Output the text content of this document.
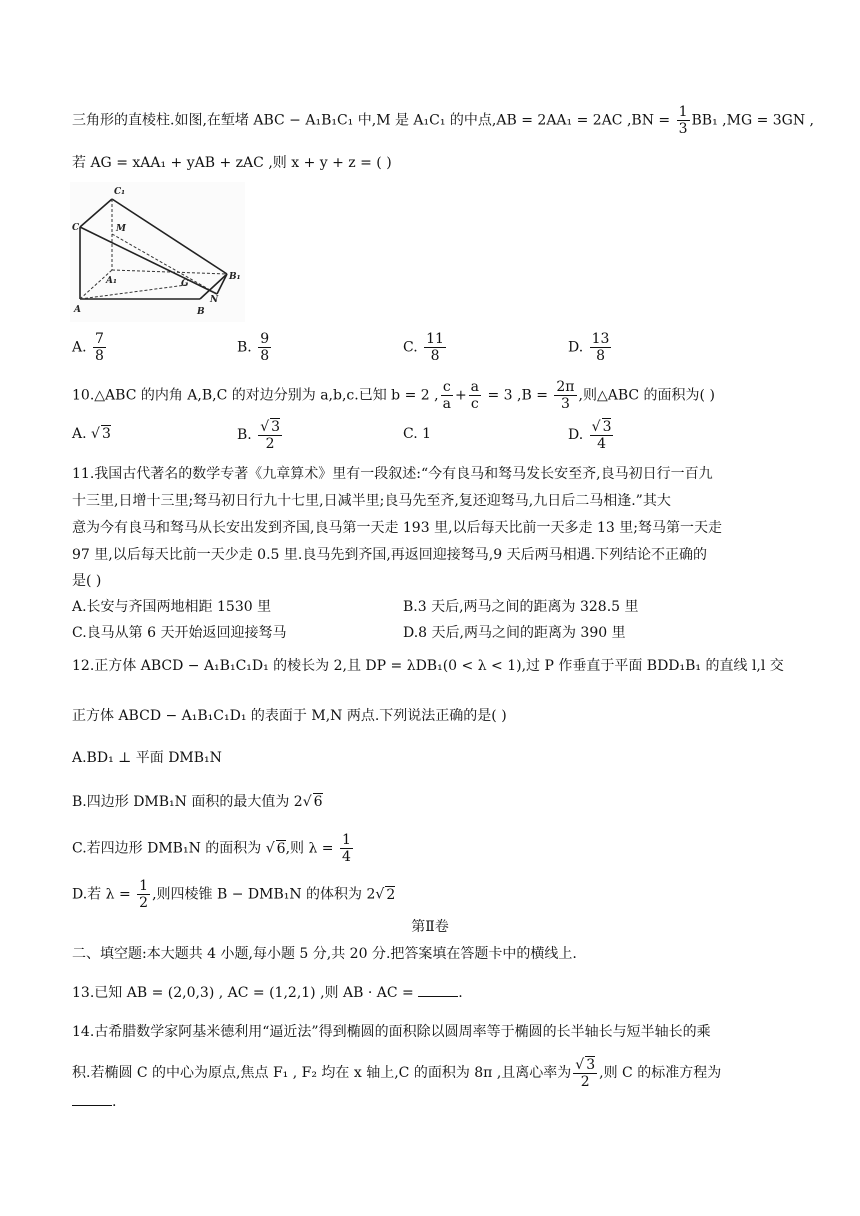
三角形的直棱柱.如图,在堑堵 ABC − A₁B₁C₁ 中,M 是 A₁C₁ 的中点,AB = 2AA₁ = 2AC $,BN = \frac{1}{3} BB_1$ ,MG = 3GN ,
若 AG = xAA₁ + yAB + zAC ,则 x + y + z = ( )
C₁
M
C
A₁	G
B₁
N
A	B
A. $\frac{7}{8}$	B. $\frac{9}{8}$	C. $\frac{11}{8}$	D. $\frac{13}{8}$
10.△ABC 的内角 A,B,C 的对边分别为 a,b,c.已知 b = 2 , $\frac{c}{a} + \frac{a}{c} = 3$ $,B = \frac{2\pi}{3}$ ,则△ABC 的面积为( )
A. √ 3	B. $\frac{√ 3}{2}$	C. 1	D. $\frac{√ 3}{4}$
11.我国古代著名的数学专著《九章算术》里有一段叙述:“今有良马和驽马发长安至齐,良马初日行一百九
十三里,日增十三里;驽马初日行九十七里,日减半里;良马先至齐,复还迎驽马,九日后二马相逢.”其大
意为今有良马和驽马从长安出发到齐国,良马第一天走 193 里,以后每天比前一天多走 13 里;驽马第一天走
97 里,以后每天比前一天少走 0.5 里.良马先到齐国,再返回迎接驽马,9 天后两马相遇.下列结论不正确的
是( )
A.长安与齐国两地相距 1530 里	B.3 天后,两马之间的距离为 328.5 里
C.良马从第 6 天开始返回迎接驽马	D.8 天后,两马之间的距离为 390 里
12.正方体 ABCD − A₁B₁C₁D₁ 的棱长为 2,且 DP = λDB₁(0 < λ < 1),过 P 作垂直于平面 BDD₁B₁ 的直线 l,l 交
正方体 ABCD − A₁B₁C₁D₁ 的表面于 M,N 两点.下列说法正确的是( )
A.BD₁ ⊥ 平面 DMB₁N
B.四边形 DMB₁N 面积的最大值为 2√ 6
C.若四边形 DMB₁N 的面积为 √ 6,则 $\lambda = \frac{1}{4}$
D.若 $\lambda = \frac{1}{2}$ ,则四棱锥 B − DMB₁N 的体积为 2√ 2
第Ⅱ卷
二、填空题:本大题共 4 小题,每小题 5 分,共 20 分.把答案填在答题卡中的横线上.
13.已知 AB = (2,0,3) , AC = (1,2,1) ,则 AB · AC =	.
14.古希腊数学家阿基米德利用“逼近法”得到椭圆的面积除以圆周率等于椭圆的长半轴长与短半轴长的乘
积.若椭圆 C 的中心为原点,焦点 F₁ , F₂ 均在 x 轴上,C 的面积为 8π ,且离心率为 $\frac{√ 3}{2}$ ,则 C 的标准方程为
.
